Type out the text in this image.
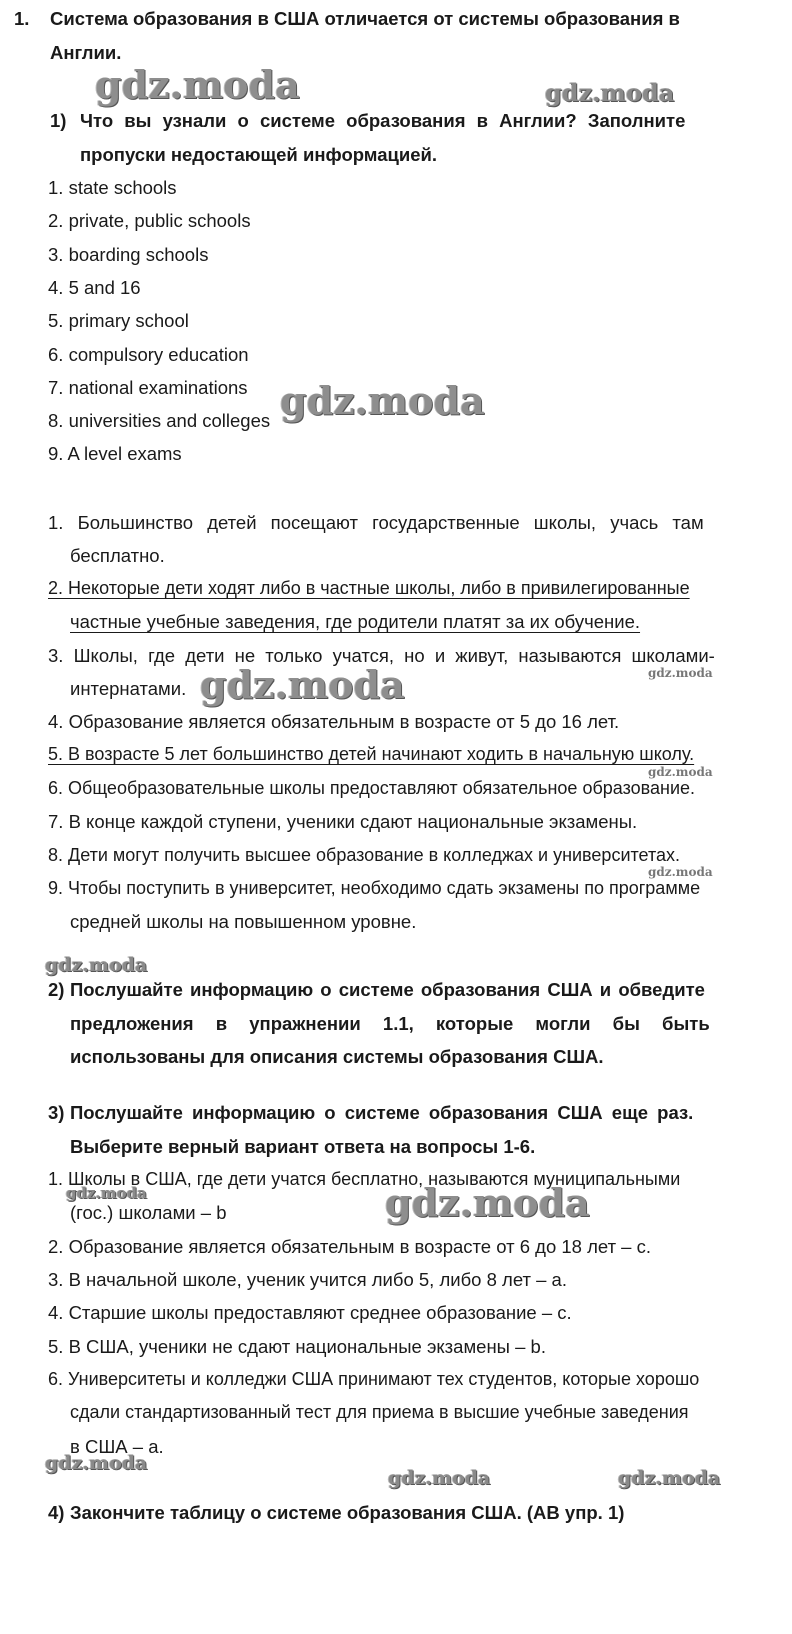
1. Система образования в США отличается от системы образования в
Англии.
1) Что вы узнали о системе образования в Англии? Заполните
пропуски недостающей информацией.
1. state schools
2. private, public schools
3. boarding schools
4. 5 and 16
5. primary school
6. compulsory education
7. national examinations
8. universities and colleges
9. A level exams
1. Большинство детей посещают государственные школы, учась там
бесплатно.
2. Некоторые дети ходят либо в частные школы, либо в привилегированные
частные учебные заведения, где родители платят за их обучение.
3. Школы, где дети не только учатся, но и живут, называются школами-
интернатами.
4. Образование является обязательным в возрасте от 5 до 16 лет.
5. В возрасте 5 лет большинство детей начинают ходить в начальную школу.
6. Общеобразовательные школы предоставляют обязательное образование.
7. В конце каждой ступени, ученики сдают национальные экзамены.
8. Дети могут получить высшее образование в колледжах и университетах.
9. Чтобы поступить в университет, необходимо сдать экзамены по программе
средней школы на повышенном уровне.
2) Послушайте информацию о системе образования США и обведите
предложения в упражнении 1.1, которые могли бы быть
использованы для описания системы образования США.
3) Послушайте информацию о системе образования США еще раз.
Выберите верный вариант ответа на вопросы 1-6.
1. Школы в США, где дети учатся бесплатно, называются муниципальными
(гос.) школами – b
2. Образование является обязательным в возрасте от 6 до 18 лет – c.
3. В начальной школе, ученик учится либо 5, либо 8 лет – a.
4. Старшие школы предоставляют среднее образование – c.
5. В США, ученики не сдают национальные экзамены – b.
6. Университеты и колледжи США принимают тех студентов, которые хорошо
сдали стандартизованный тест для приема в высшие учебные заведения
в США – a.
4) Закончите таблицу о системе образования США. (АВ упр. 1)
gdz.moda	gdz.moda
gdz.moda
gdz.moda	gdz.moda
gdz.moda
gdz.moda
gdz.moda
gdz.moda	gdz.moda
gdz.moda
gdz.moda	gdz.moda
